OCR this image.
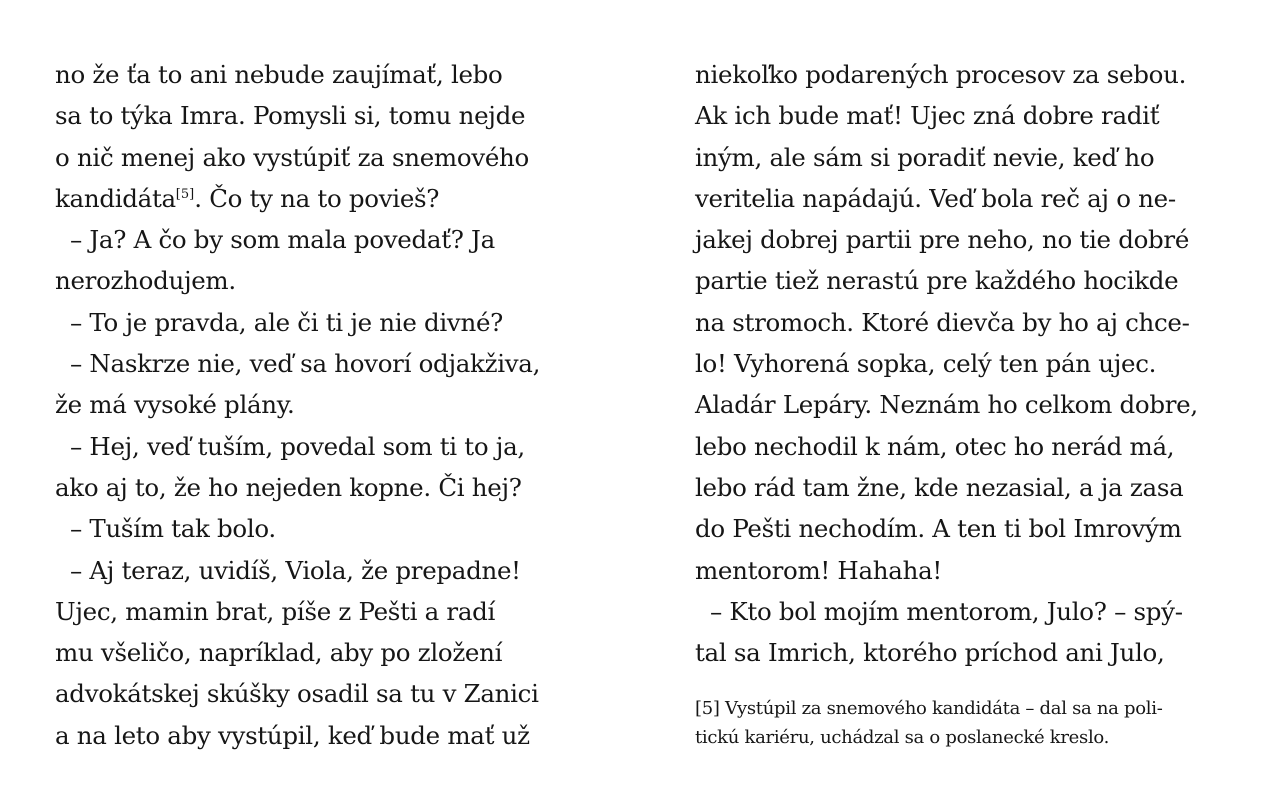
no že ťa to ani nebude zaujímať, lebo
sa to týka Imra. Pomysli si, tomu nejde
o nič menej ako vystúpiť za snemového
kandidáta[5]. Čo ty na to povieš?
– Ja? A čo by som mala povedať? Ja
nerozhodujem.
– To je pravda, ale či ti je nie divné?
– Naskrze nie, veď sa hovorí odjakživa,
že má vysoké plány.
– Hej, veď tuším, povedal som ti to ja,
ako aj to, že ho nejeden kopne. Či hej?
– Tuším tak bolo.
– Aj teraz, uvidíš, Viola, že prepadne!
Ujec, mamin brat, píše z Pešti a radí
mu všeličo, napríklad, aby po zložení
advokátskej skúšky osadil sa tu v Zanici
a na leto aby vystúpil, keď bude mať už
niekoľko podarených procesov za sebou.
Ak ich bude mať! Ujec zná dobre radiť
iným, ale sám si poradiť nevie, keď ho
veritelia napádajú. Veď bola reč aj o ne-
jakej dobrej partii pre neho, no tie dobré
partie tiež nerastú pre každého hocikde
na stromoch. Ktoré dievča by ho aj chce-
lo! Vyhorená sopka, celý ten pán ujec.
Aladár Lepáry. Neznám ho celkom dobre,
lebo nechodil k nám, otec ho nerád má,
lebo rád tam žne, kde nezasial, a ja zasa
do Pešti nechodím. A ten ti bol Imrovým
mentorom! Hahaha!
– Kto bol mojím mentorom, Julo? – spý-
tal sa Imrich, ktorého príchod ani Julo,
[5] Vystúpil za snemového kandidáta – dal sa na poli-
tickú kariéru, uchádzal sa o poslanecké kreslo.
